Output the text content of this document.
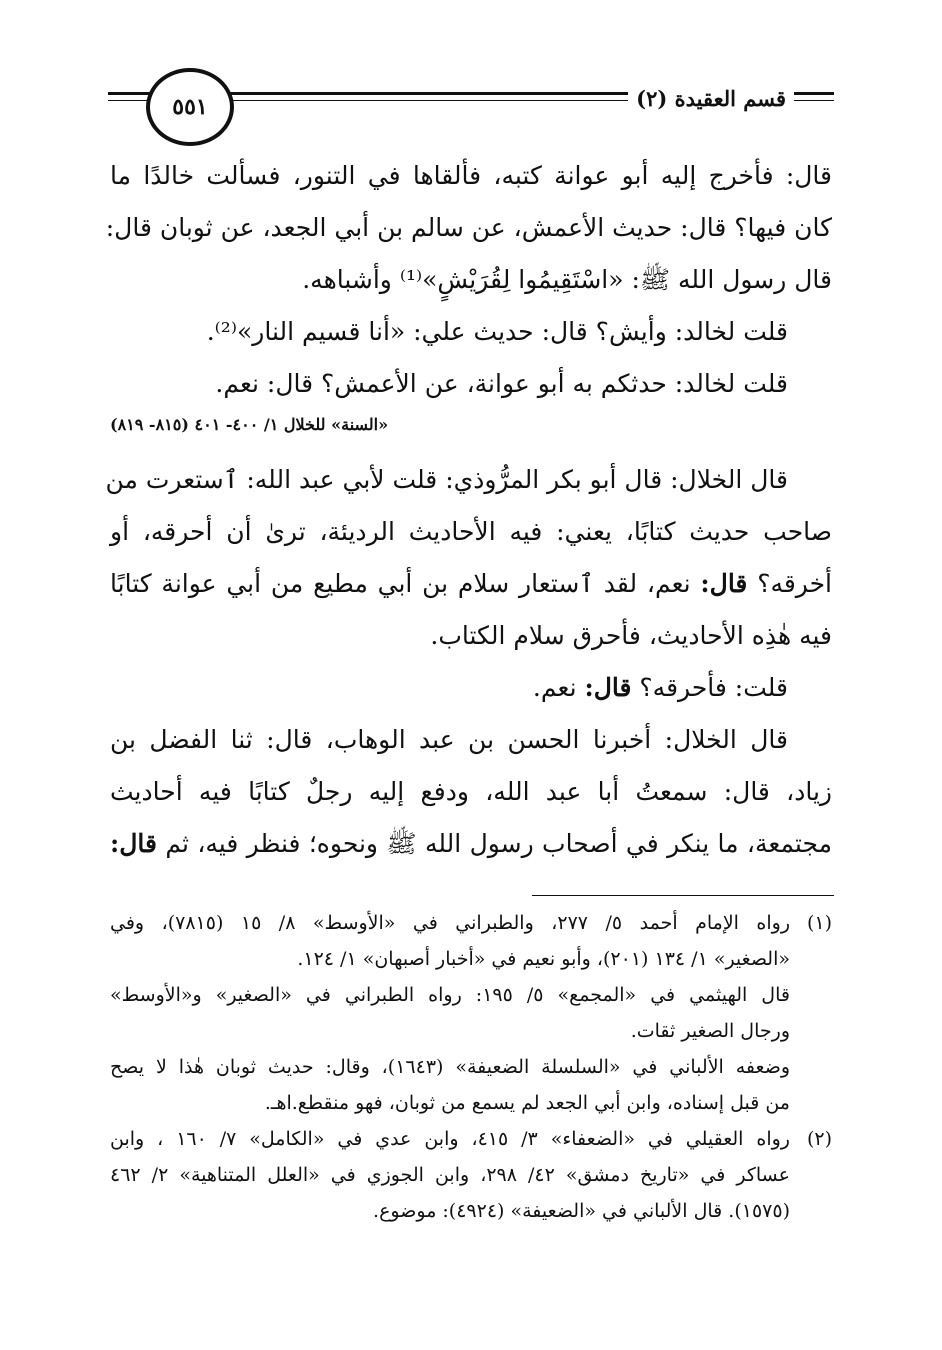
قسم العقيدة (٢)
٥٥١
قال: فأخرج إليه أبو عوانة كتبه، فألقاها في التنور، فسألت خالدًا ما
كان فيها؟ قال: حديث الأعمش، عن سالم بن أبي الجعد، عن ثوبان قال:
قال رسول الله ﷺ: «اسْتَقِيمُوا لِقُرَيْشٍ»⁽¹⁾ وأشباهه.
قلت لخالد: وأيش؟ قال: حديث علي: «أنا قسيم النار»⁽²⁾.
قلت لخالد: حدثكم به أبو عوانة، عن الأعمش؟ قال: نعم.
«السنة» للخلال ١/ ٤٠٠- ٤٠١ (٨١٥- ٨١٩)
قال الخلال: قال أبو بكر المرُّوذي: قلت لأبي عبد الله: ٱستعرت من
صاحب حديث كتابًا، يعني: فيه الأحاديث الرديئة، ترىٰ أن أحرقه، أو
أخرقه؟ قال: نعم، لقد ٱستعار سلام بن أبي مطيع من أبي عوانة كتابًا
فيه هٰذِه الأحاديث، فأحرق سلام الكتاب.
قلت: فأحرقه؟ قال: نعم.
قال الخلال: أخبرنا الحسن بن عبد الوهاب، قال: ثنا الفضل بن
زياد، قال: سمعتُ أبا عبد الله، ودفع إليه رجلٌ كتابًا فيه أحاديث
مجتمعة، ما ينكر في أصحاب رسول الله ﷺ ونحوه؛ فنظر فيه، ثم قال:
(١)
رواه الإمام أحمد ٥/ ٢٧٧، والطبراني في «الأوسط» ٨/ ١٥ (٧٨١٥)، وفي
«الصغير» ١/ ١٣٤ (٢٠١)، وأبو نعيم في «أخبار أصبهان» ١/ ١٢٤.
قال الهيثمي في «المجمع» ٥/ ١٩٥: رواه الطبراني في «الصغير» و«الأوسط»
ورجال الصغير ثقات.
وضعفه الألباني في «السلسلة الضعيفة» (١٦٤٣)، وقال: حديث ثوبان هٰذا لا يصح
من قبل إسناده، وابن أبي الجعد لم يسمع من ثوبان، فهو منقطع.اهـ.
(٢)
رواه العقيلي في «الضعفاء» ٣/ ٤١٥، وابن عدي في «الكامل» ٧/ ١٦٠ ، وابن
عساكر في «تاريخ دمشق» ٤٢/ ٢٩٨، وابن الجوزي في «العلل المتناهية» ٢/ ٤٦٢
(١٥٧٥). قال الألباني في «الضعيفة» (٤٩٢٤): موضوع.
